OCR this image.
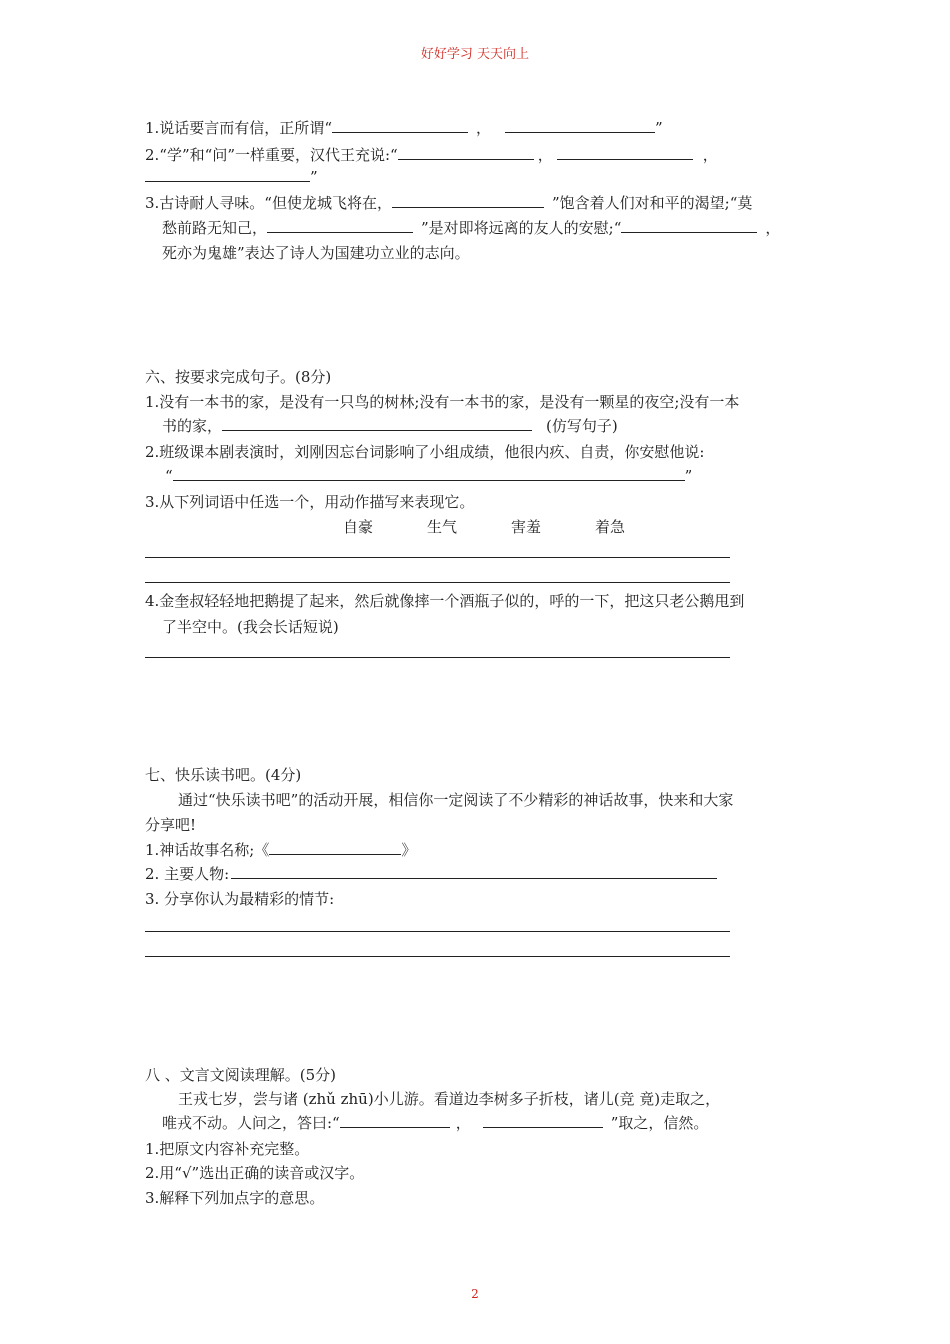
好好学习 天天向上
1.说话要言而有信，正所谓“	，	”
2.“学”和“问”一样重要，汉代王充说:“	，	，
”
3.古诗耐人寻味。“但使龙城飞将在，	”饱含着人们对和平的渴望;“莫
愁前路无知己，	”是对即将远离的友人的安慰;“	，
死亦为鬼雄”表达了诗人为国建功立业的志向。
六、按要求完成句子。(8分)
1.没有一本书的家，是没有一只鸟的树林;没有一本书的家，是没有一颗星的夜空;没有一本
书的家，	(仿写句子)
2.班级课本剧表演时，刘刚因忘台词影响了小组成绩，他很内疚、自责，你安慰他说:
“	”
3.从下列词语中任选一个，用动作描写来表现它。
自豪	生气	害羞	着急
4.金奎叔轻轻地把鹅提了起来，然后就像摔一个酒瓶子似的，呼的一下，把这只老公鹅甩到
了半空中。(我会长话短说)
七、快乐读书吧。(4分)
通过“快乐读书吧”的活动开展，相信你一定阅读了不少精彩的神话故事，快来和大家
分享吧!
1.神话故事名称;《	》
2. 主要人物:
3. 分享你认为最精彩的情节:
八 、文言文阅读理解。(5分)
王戎七岁，尝与诸 (zhǔ zhū)小儿游。看道边李树多子折枝，诸儿(竞 竟)走取之，
唯戎不动。人问之，答曰:“	，	”取之，信然。
1.把原文内容补充完整。
2.用“√”选出正确的读音或汉字。
3.解释下列加点字的意思。
2
